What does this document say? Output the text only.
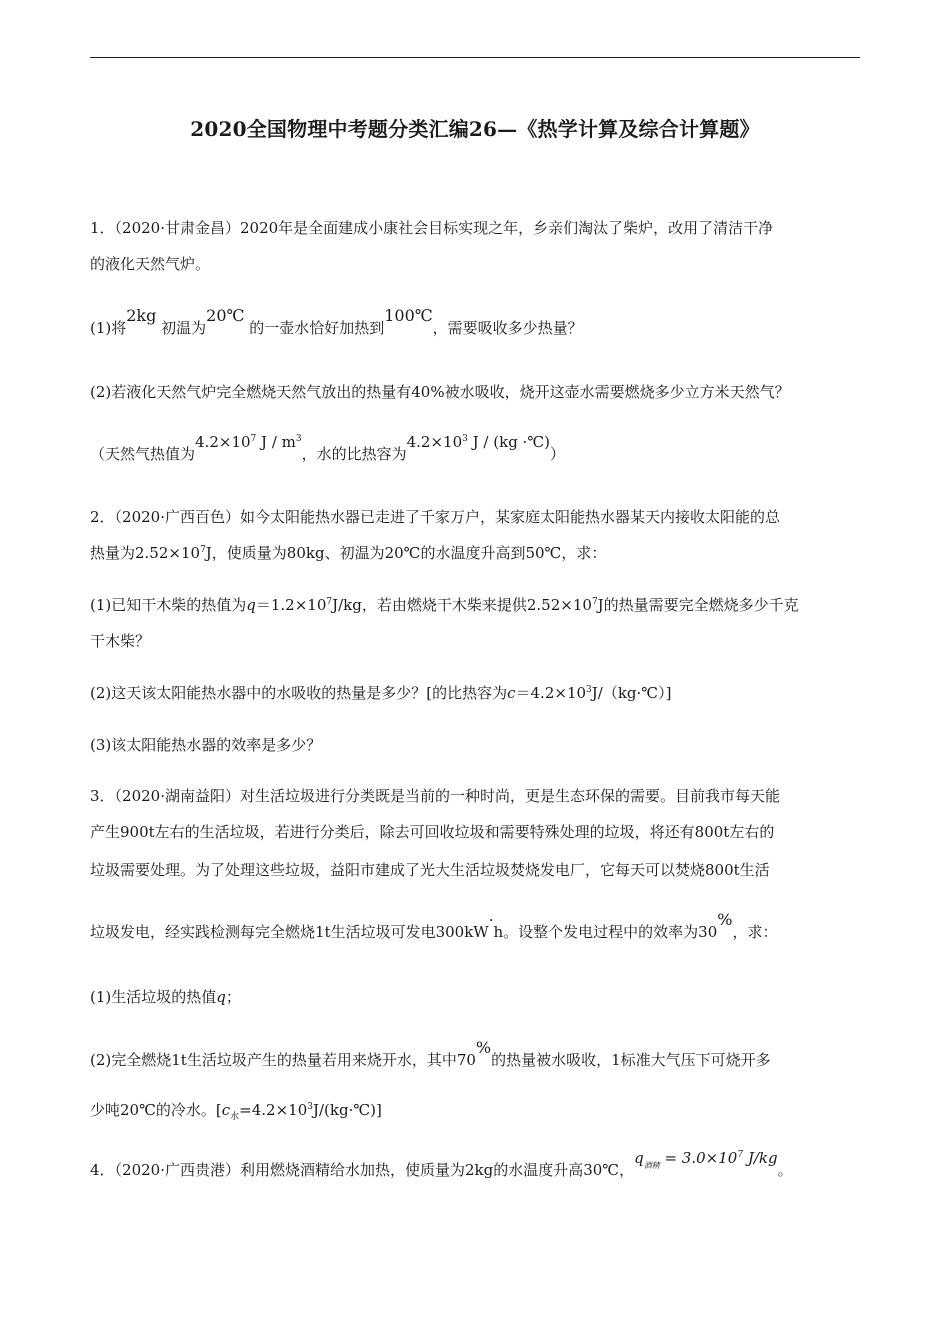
2020全国物理中考题分类汇编26—《热学计算及综合计算题》
1．（2020·甘肃金昌）2020年是全面建成小康社会目标实现之年，乡亲们淘汰了柴炉，改用了清洁干净
的液化天然气炉。
(1)将2kg 初温为20℃ 的一壶水恰好加热到100℃，需要吸收多少热量？
(2)若液化天然气炉完全燃烧天然气放出的热量有40%被水吸收，烧开这壶水需要燃烧多少立方米天然气？
（天然气热值为$4.2\times 10^7$ J / $m^3$，水的比热容为$4.2\times 10^3$ J / (kg ·℃)）
2．（2020·广西百色）如今太阳能热水器已走进了千家万户，某家庭太阳能热水器某天内接收太阳能的总
热量为$2.52\times 10^7J$，使质量为80kg、初温为20℃的水温度升高到50℃，求：
(1)已知干木柴的热值为$q=1.2\times 10^7J/kg$，若由燃烧干木柴来提供$2.52\times 10^7J$的热量需要完全燃烧多少千克
干木柴？
(2)这天该太阳能热水器中的水吸收的热量是多少？[的比热容为$c=4.2\times 10^3J/(kg\cdot℃)$]
(3)该太阳能热水器的效率是多少？
3．（2020·湖南益阳）对生活垃圾进行分类既是当前的一种时尚，更是生态环保的需要。目前我市每天能
产生900t左右的生活垃圾，若进行分类后，除去可回收垃圾和需要特殊处理的垃圾，将还有800t左右的
垃圾需要处理。为了处理这些垃圾，益阳市建成了光大生活垃圾焚烧发电厂，它每天可以焚烧800t生活
垃圾发电，经实践检测每完全燃烧1t生活垃圾可发电300kW·h。设整个发电过程中的效率为30%，求：
(1)生活垃圾的热值q；
(2)完全燃烧1t生活垃圾产生的热量若用来烧开水，其中70%的热量被水吸收，1标准大气压下可烧开多
少吨20℃的冷水。$[c_水=4.2\times 10^3J/(kg\cdot℃)]$
4．（2020·广西贵港）利用燃烧酒精给水加热，使质量为2kg的水温度升高30℃，$q_{酒精} = 3.0\times 10^7$ J/kg。
